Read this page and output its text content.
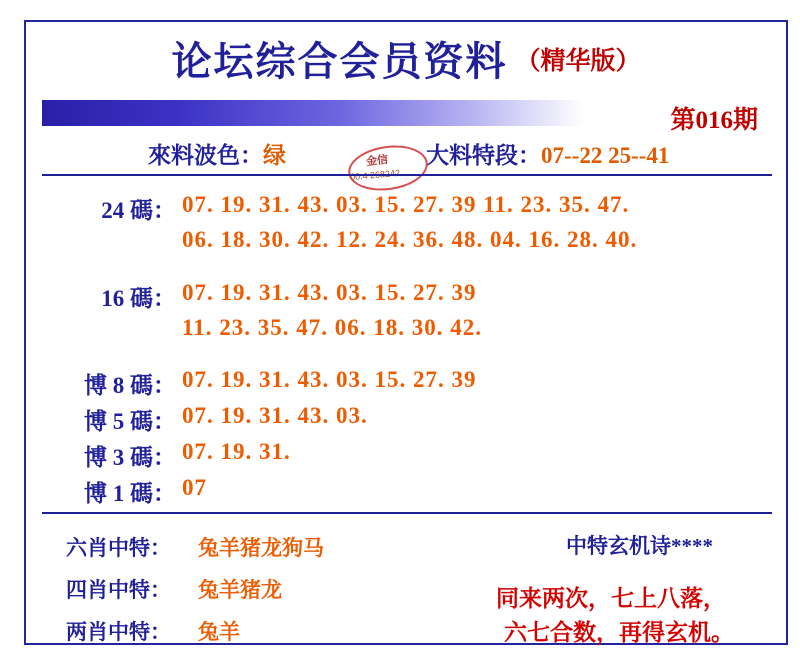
论坛综合会员资料 （精华版）
第016期
來料波色：绿	大料特段：07--22 25--41
金信
00.4 268242
24 碼： 07. 19. 31. 43. 03. 15. 27. 39 11. 23. 35. 47.
06. 18. 30. 42. 12. 24. 36. 48. 04. 16. 28. 40.
16 碼： 07. 19. 31. 43. 03. 15. 27. 39
11. 23. 35. 47. 06. 18. 30. 42.
博 8 碼： 07. 19. 31. 43. 03. 15. 27. 39
博 5 碼： 07. 19. 31. 43. 03.
博 3 碼： 07. 19. 31.
博 1 碼： 07
六肖中特： 兔羊猪龙狗马
四肖中特： 兔羊猪龙
两肖中特： 兔羊
中特玄机诗****
同来两次，七上八落，
六七合数，再得玄机。
